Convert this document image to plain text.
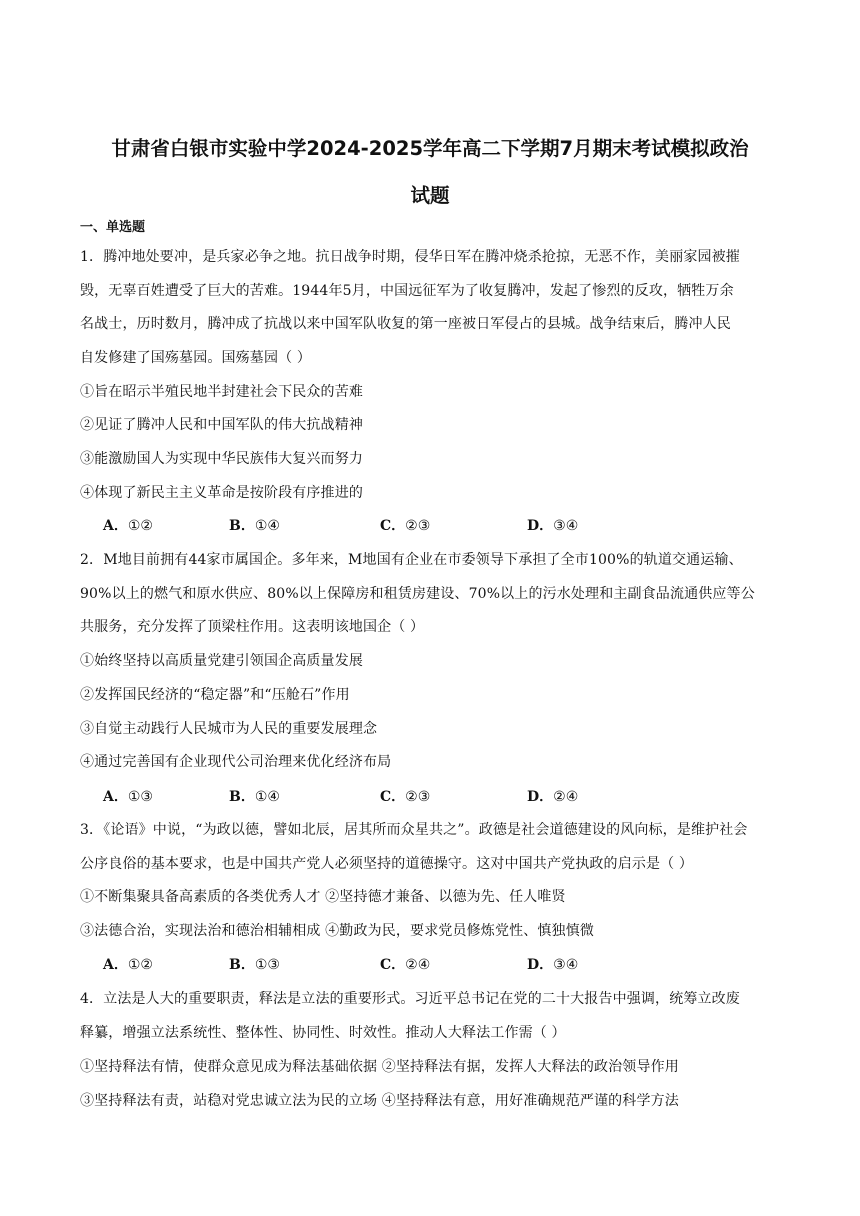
甘肃省白银市实验中学2024-2025学年高二下学期7月期末考试模拟政治
试题
一、单选题
1．腾冲地处要冲，是兵家必争之地。抗日战争时期，侵华日军在腾冲烧杀抢掠，无恶不作，美丽家园被摧
毁，无辜百姓遭受了巨大的苦难。1944年5月，中国远征军为了收复腾冲，发起了惨烈的反攻，牺牲万余
名战士，历时数月，腾冲成了抗战以来中国军队收复的第一座被日军侵占的县城。战争结束后，腾冲人民
自发修建了国殇墓园。国殇墓园（ ）
①旨在昭示半殖民地半封建社会下民众的苦难
②见证了腾冲人民和中国军队的伟大抗战精神
③能激励国人为实现中华民族伟大复兴而努力
④体现了新民主主义革命是按阶段有序推进的
A．①②	B．①④	C．②③	D．③④
2．M地目前拥有44家市属国企。多年来，M地国有企业在市委领导下承担了全市100%的轨道交通运输、
90%以上的燃气和原水供应、80%以上保障房和租赁房建设、70%以上的污水处理和主副食品流通供应等公
共服务，充分发挥了顶梁柱作用。这表明该地国企（ ）
①始终坚持以高质量党建引领国企高质量发展
②发挥国民经济的“稳定器”和“压舱石”作用
③自觉主动践行人民城市为人民的重要发展理念
④通过完善国有企业现代公司治理来优化经济布局
A．①③	B．①④	C．②③	D．②④
3．《论语》中说，“为政以德，譬如北辰，居其所而众星共之”。政德是社会道德建设的风向标，是维护社会
公序良俗的基本要求，也是中国共产党人必须坚持的道德操守。这对中国共产党执政的启示是（ ）
①不断集聚具备高素质的各类优秀人才 ②坚持德才兼备、以德为先、任人唯贤
③法德合治，实现法治和德治相辅相成 ④勤政为民，要求党员修炼党性、慎独慎微
A．①②	B．①③	C．②④	D．③④
4．立法是人大的重要职责，释法是立法的重要形式。习近平总书记在党的二十大报告中强调，统筹立改废
释纂，增强立法系统性、整体性、协同性、时效性。推动人大释法工作需（ ）
①坚持释法有情，使群众意见成为释法基础依据 ②坚持释法有据，发挥人大释法的政治领导作用
③坚持释法有责，站稳对党忠诚立法为民的立场 ④坚持释法有意，用好准确规范严谨的科学方法
